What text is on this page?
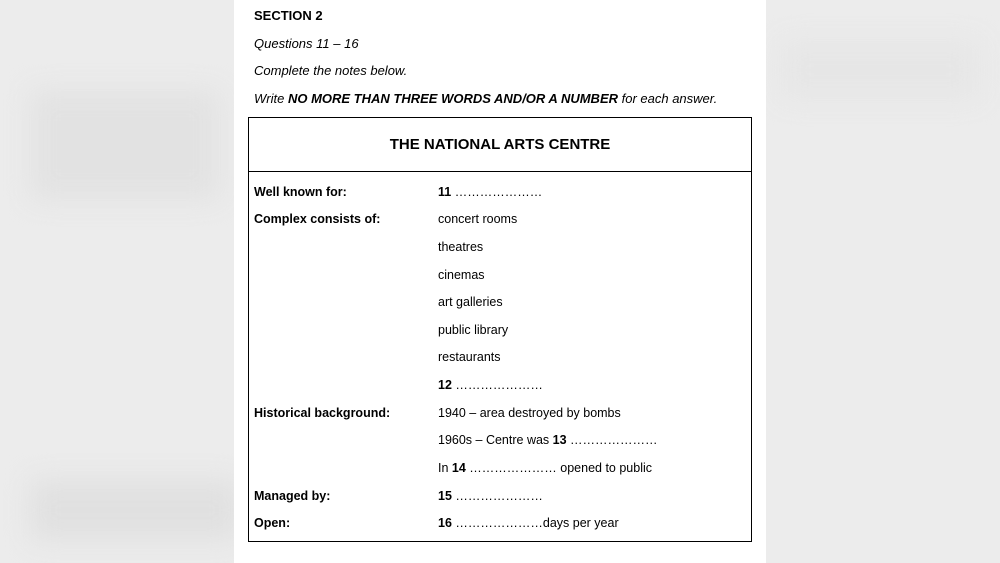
SECTION 2
Questions 11 – 16
Complete the notes below.
Write NO MORE THAN THREE WORDS AND/OR A NUMBER for each answer.
THE NATIONAL ARTS CENTRE
Well known for:	11 …………………
Complex consists of:	concert rooms
theatres
cinemas
art galleries
public library
restaurants
12 …………………
Historical background:	1940 – area destroyed by bombs
1960s – Centre was 13 …………………
In 14 ………………… opened to public
Managed by:	15 …………………
Open:	16 …………………days per year
